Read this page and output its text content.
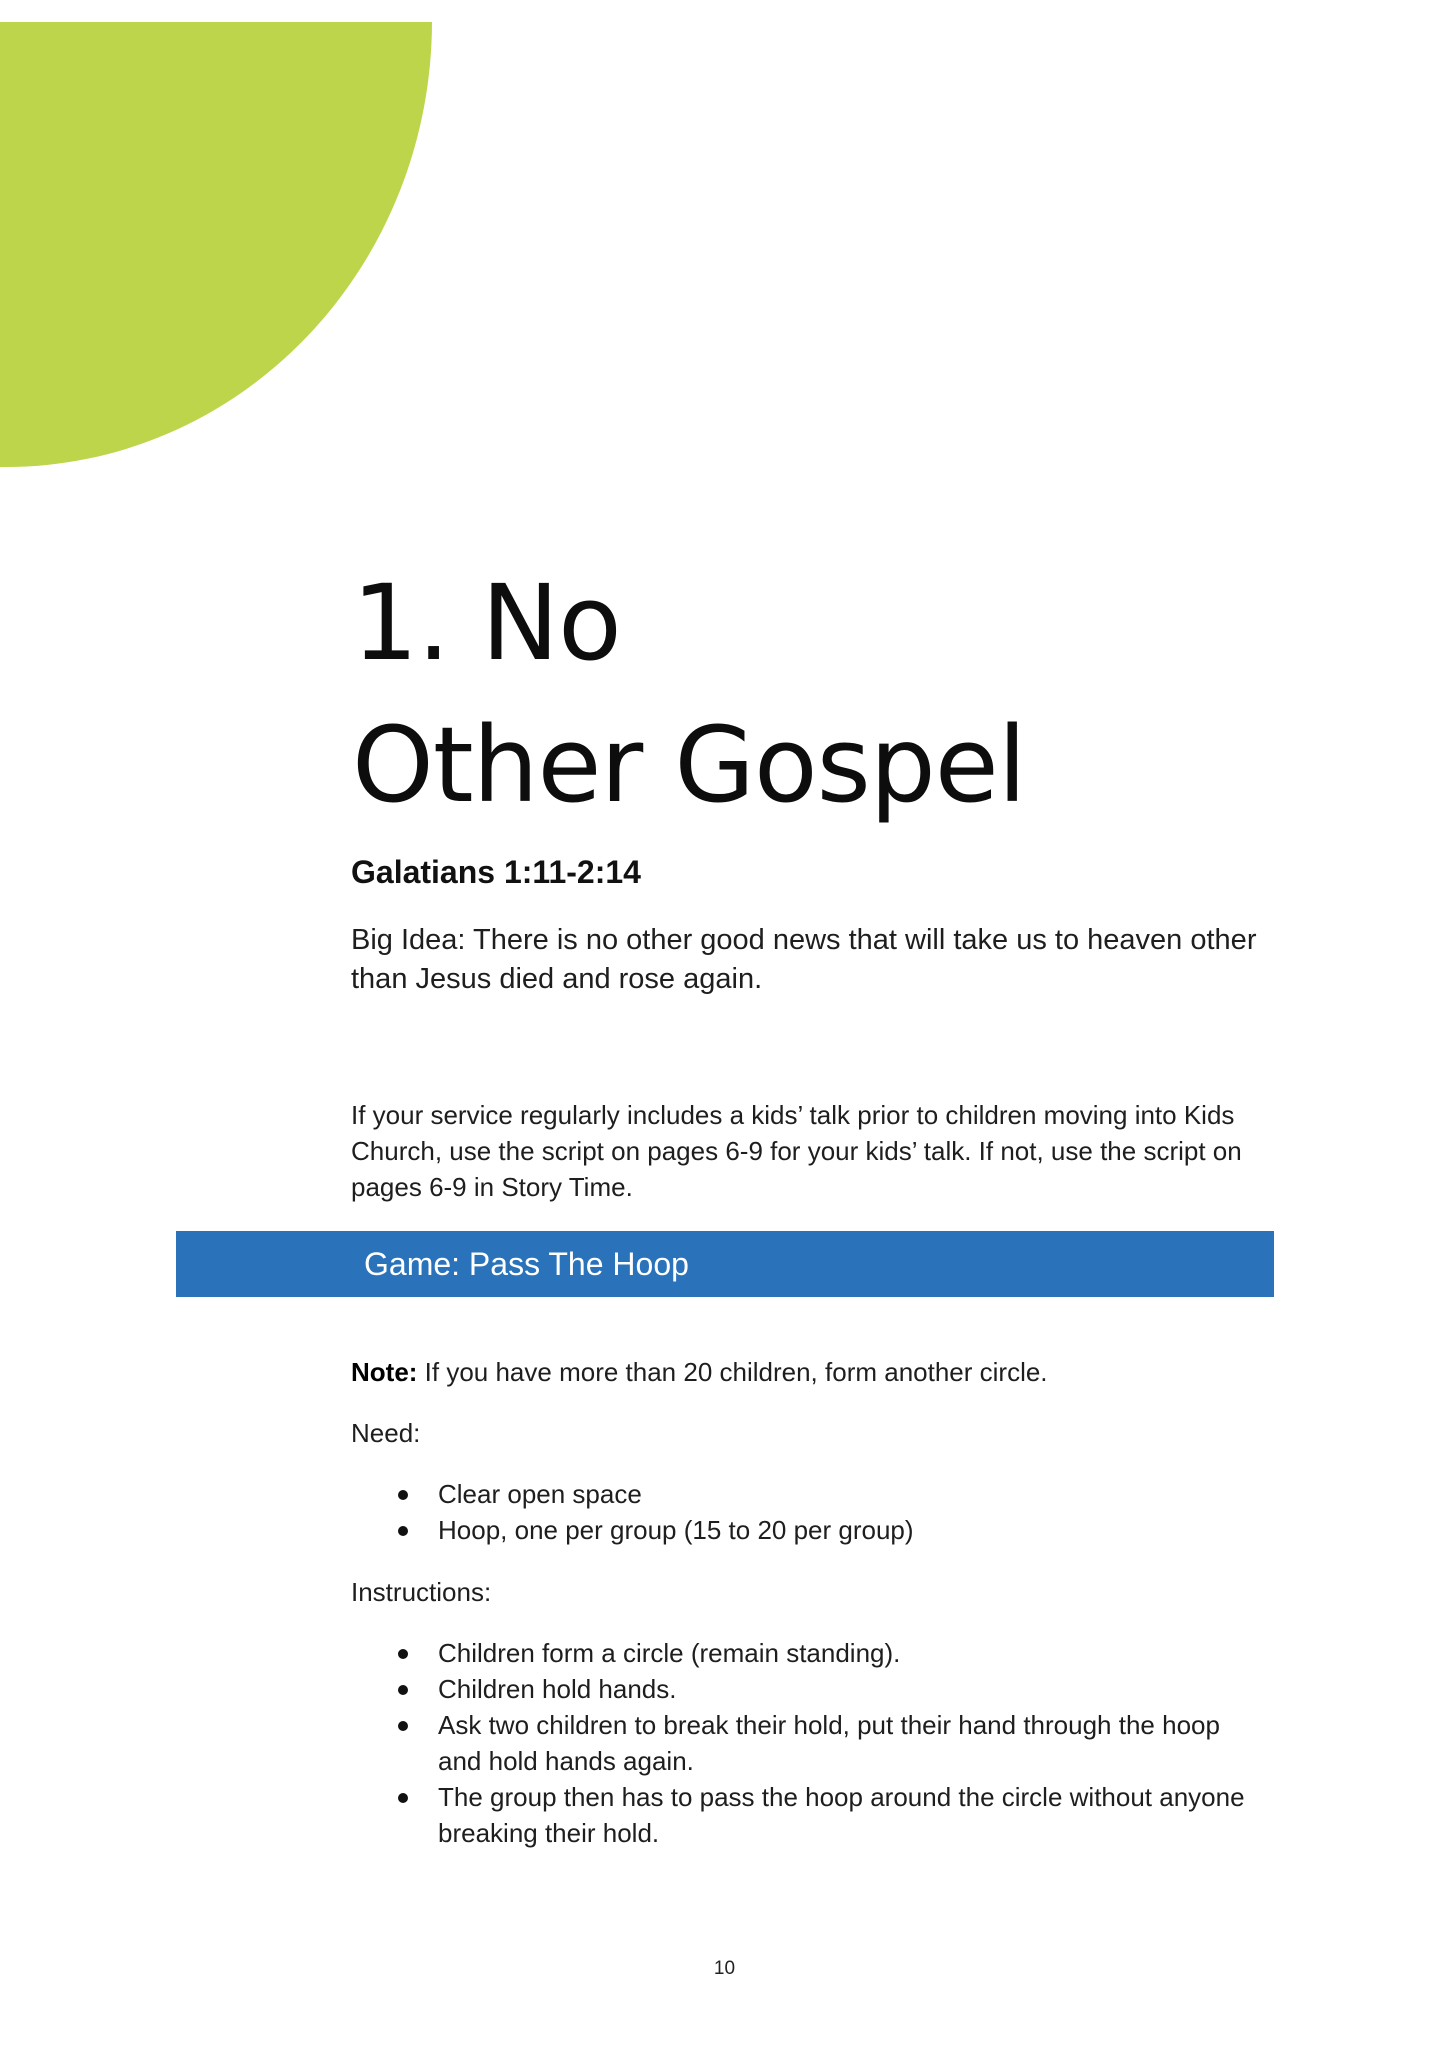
1. No
Other Gospel
Galatians 1:11-2:14

Big Idea: There is no other good news that will take us to heaven other than Jesus died and rose again.

If your service regularly includes a kids’ talk prior to children moving into Kids Church, use the script on pages 6-9 for your kids’ talk. If not, use the script on pages 6-9 in Story Time.

Game: Pass The Hoop

Note: If you have more than 20 children, form another circle.

Need:

Clear open space
Hoop, one per group (15 to 20 per group)

Instructions:

Children form a circle (remain standing).
Children hold hands.
Ask two children to break their hold, put their hand through the hoop and hold hands again.
The group then has to pass the hoop around the circle without anyone breaking their hold.
10
